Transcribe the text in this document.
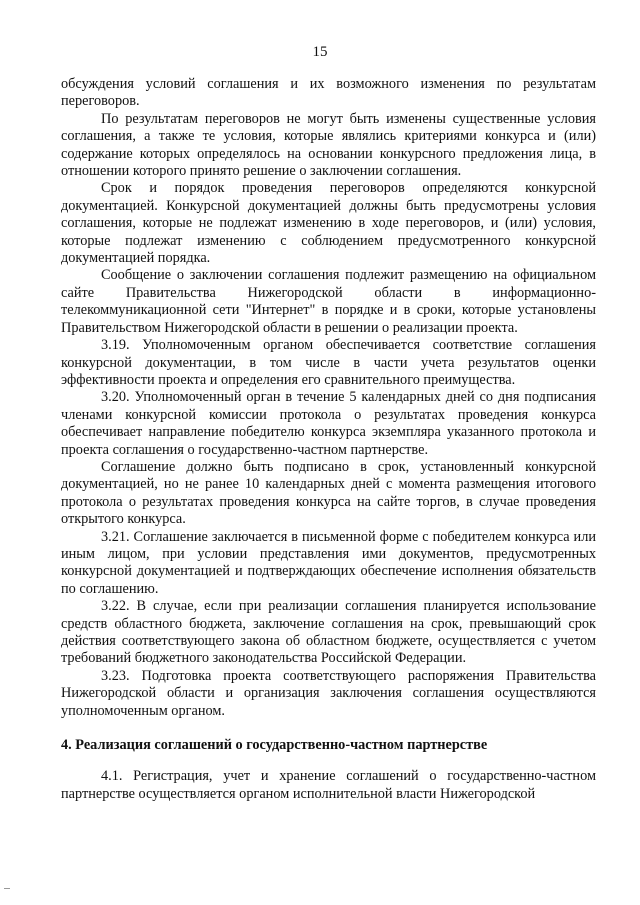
15

обсуждения условий соглашения и их возможного изменения по результатам переговоров.

По результатам переговоров не могут быть изменены существенные условия соглашения, а также те условия, которые являлись критериями конкурса и (или) содержание которых определялось на основании конкурсного предложения лица, в отношении которого принято решение о заключении соглашения.

Срок и порядок проведения переговоров определяются конкурсной документацией. Конкурсной документацией должны быть предусмотрены условия соглашения, которые не подлежат изменению в ходе переговоров, и (или) условия, которые подлежат изменению с соблюдением предусмотренного конкурсной документацией порядка.

Сообщение о заключении соглашения подлежит размещению на официальном сайте Правительства Нижегородской области в информационно-телекоммуникационной сети "Интернет" в порядке и в сроки, которые установлены Правительством Нижегородской области в решении о реализации проекта.

3.19. Уполномоченным органом обеспечивается соответствие соглашения конкурсной документации, в том числе в части учета результатов оценки эффективности проекта и определения его сравнительного преимущества.

3.20. Уполномоченный орган в течение 5 календарных дней со дня подписания членами конкурсной комиссии протокола о результатах проведения конкурса обеспечивает направление победителю конкурса экземпляра указанного протокола и проекта соглашения о государственно-частном партнерстве.

Соглашение должно быть подписано в срок, установленный конкурсной документацией, но не ранее 10 календарных дней с момента размещения итогового протокола о результатах проведения конкурса на сайте торгов, в случае проведения открытого конкурса.

3.21. Соглашение заключается в письменной форме с победителем конкурса или иным лицом, при условии представления ими документов, предусмотренных конкурсной документацией и подтверждающих обеспечение исполнения обязательств по соглашению.

3.22. В случае, если при реализации соглашения планируется использование средств областного бюджета, заключение соглашения на срок, превышающий срок действия соответствующего закона об областном бюджете, осуществляется с учетом требований бюджетного законодательства Российской Федерации.

3.23. Подготовка проекта соответствующего распоряжения Правительства Нижегородской области и организация заключения соглашения осуществляются уполномоченным органом.

4. Реализация соглашений о государственно-частном партнерстве

4.1. Регистрация, учет и хранение соглашений о государственно-частном партнерстве осуществляется органом исполнительной власти Нижегородской
